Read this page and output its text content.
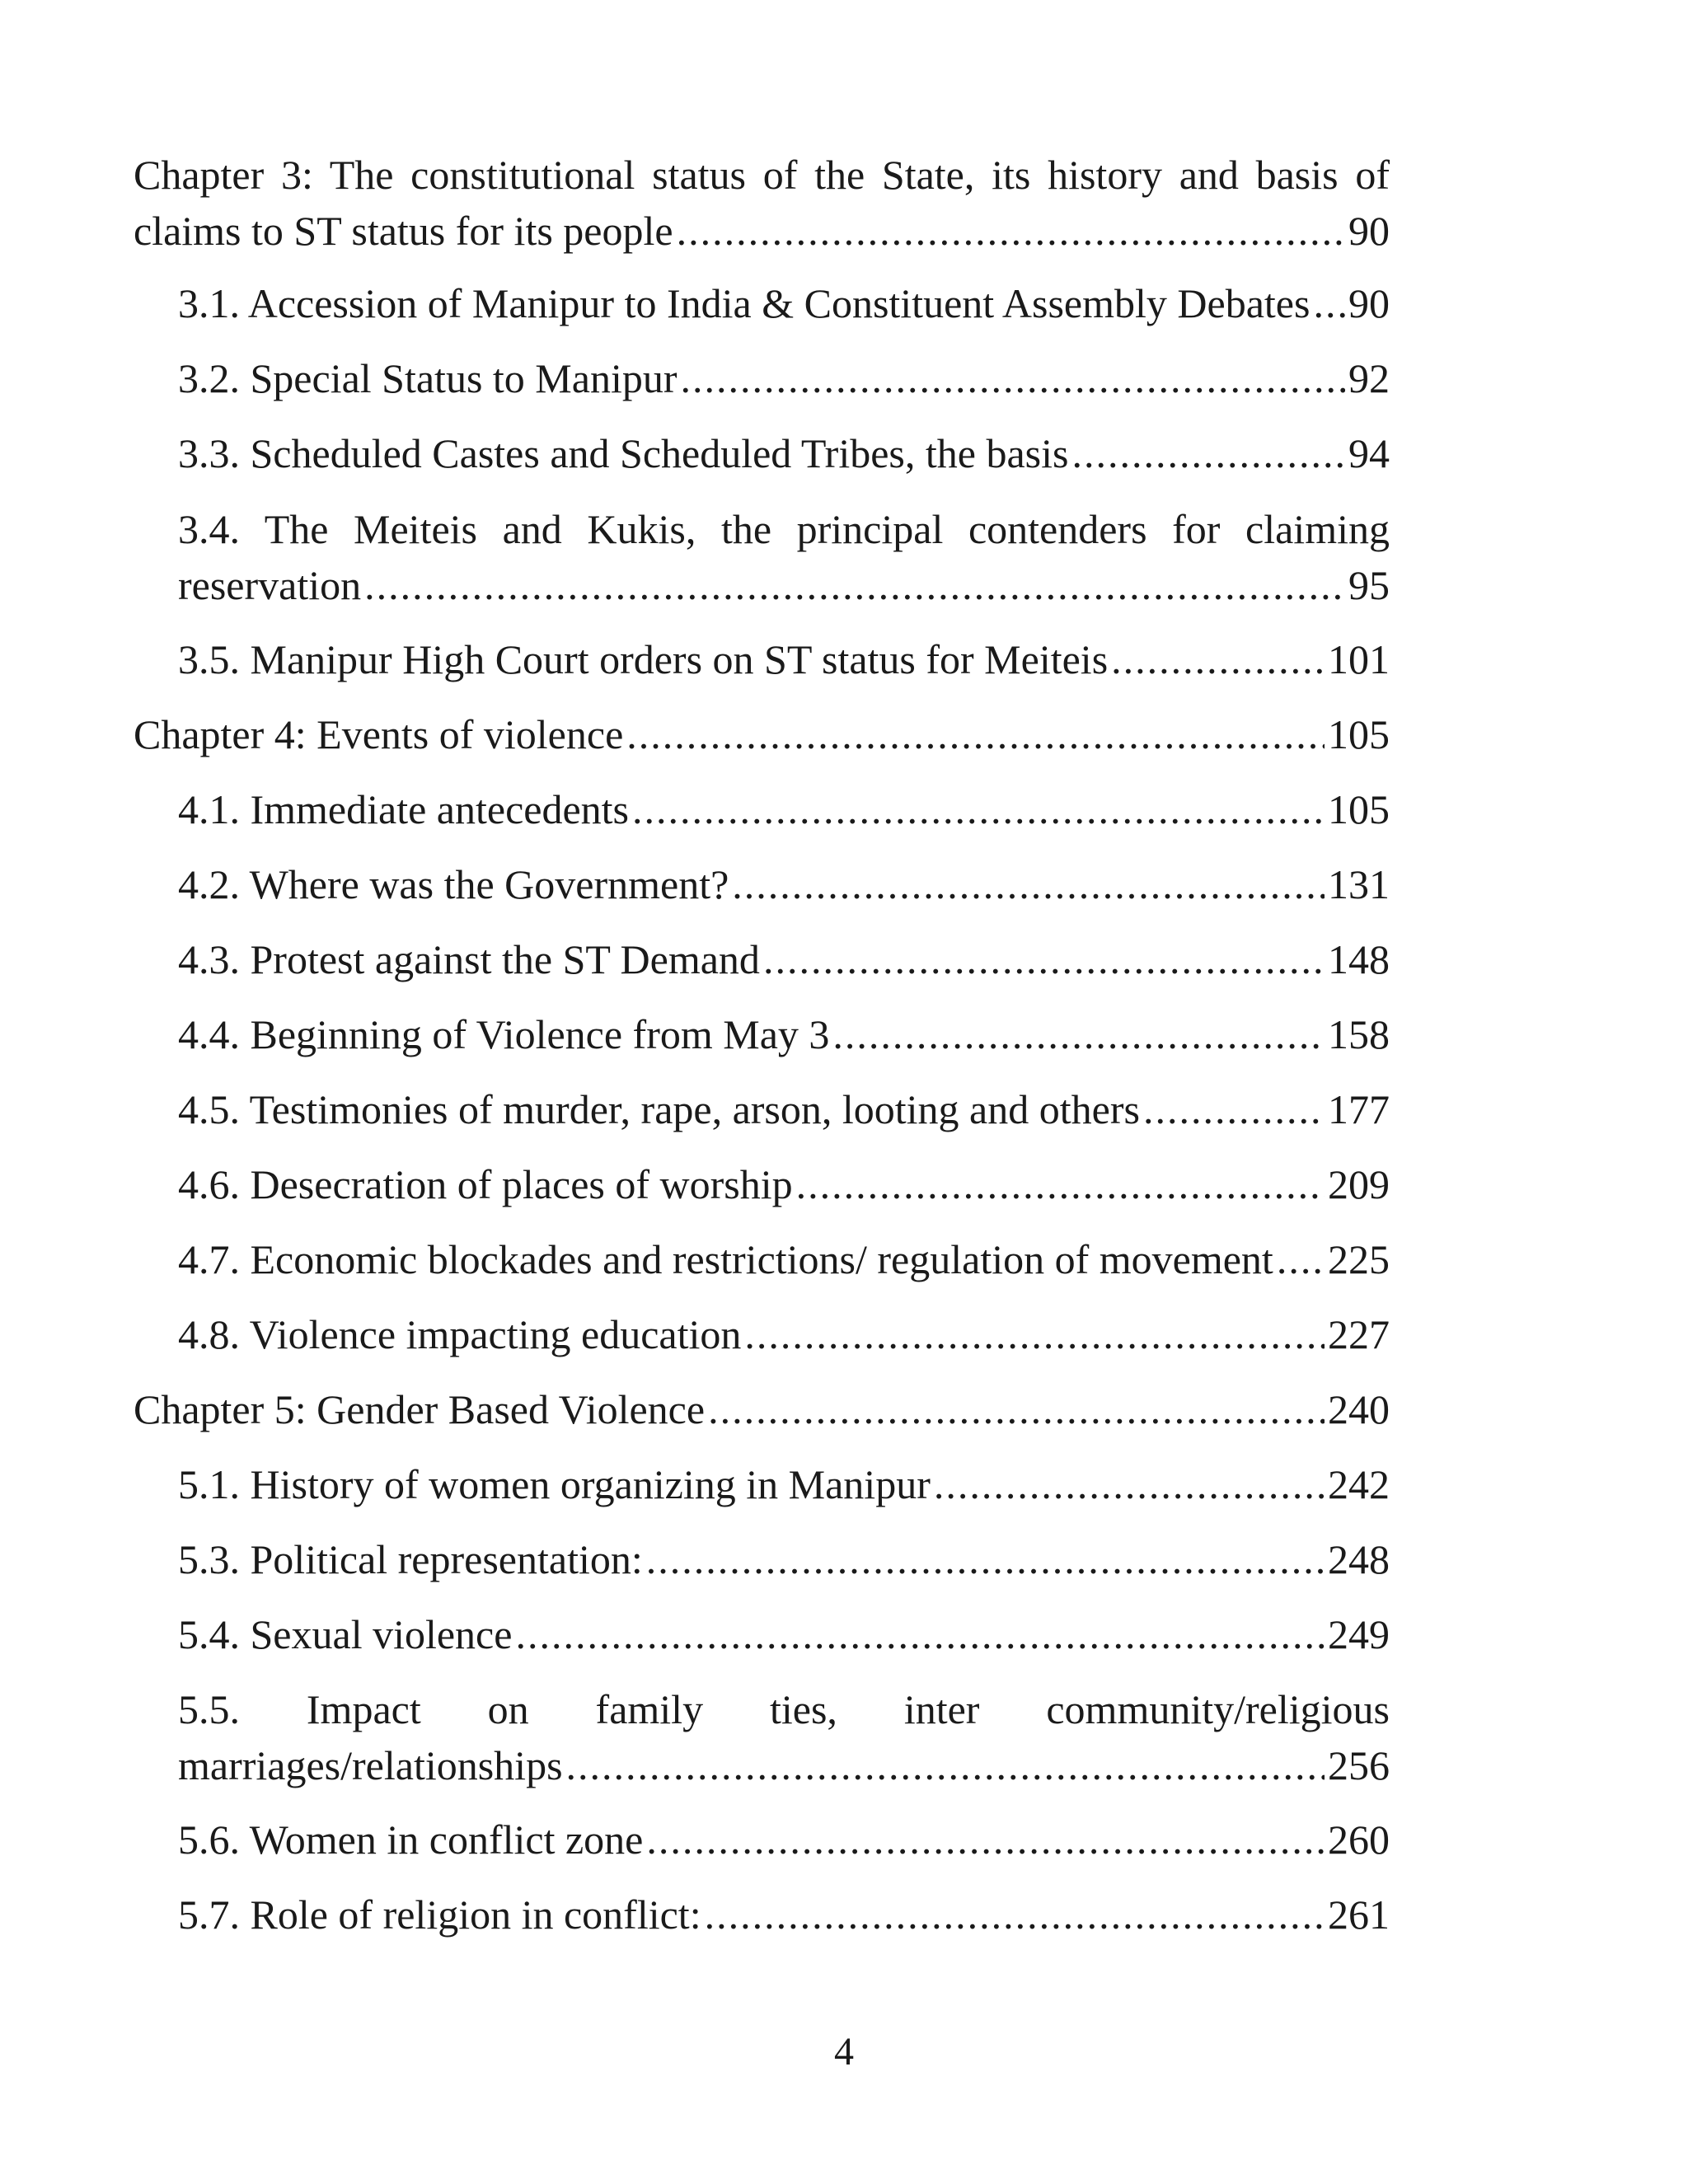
Chapter 3: The constitutional status of the State, its history and basis of
claims to ST status for its people .....	90
3.1. Accession of Manipur to India & Constituent Assembly Debates ..... 90
3.2. Special Status to Manipur .....	92
3.3. Scheduled Castes and Scheduled Tribes, the basis .....	94
3.4. The Meiteis and Kukis, the principal contenders for claiming
reservation .....	95
3.5. Manipur High Court orders on ST status for Meiteis .....	101
Chapter 4: Events of violence .....	105
4.1. Immediate antecedents .....	105
4.2. Where was the Government? .....	131
4.3. Protest against the ST Demand .....	148
4.4. Beginning of Violence from May 3 .....	158
4.5. Testimonies of murder, rape, arson, looting and others .....	177
4.6. Desecration of places of worship .....	209
4.7. Economic blockades and restrictions/ regulation of movement ..... 225
4.8. Violence impacting education .....	227
Chapter 5: Gender Based Violence .....	240
5.1. History of women organizing in Manipur .....	242
5.3. Political representation: .....	248
5.4. Sexual violence .....	249
5.5. Impact on family ties, inter community/religious
marriages/relationships .....	256
5.6. Women in conflict zone .....	260
5.7. Role of religion in conflict: .....	261
4
